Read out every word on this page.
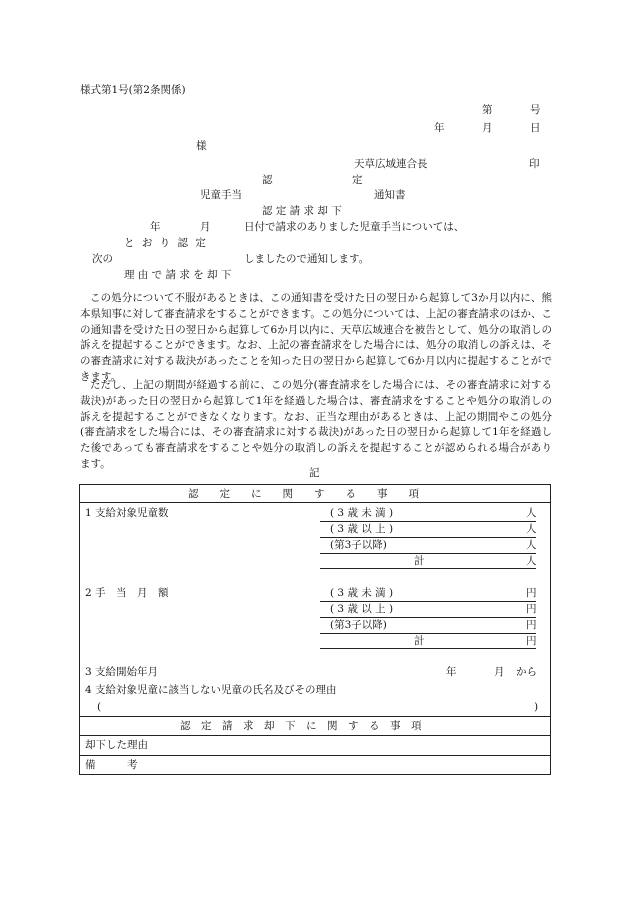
様式第1号(第2条関係)
第	号
年	月	日
様
天草広域連合長	印
認	定
児童手当	通知書
認 定 請 求 却 下
年	月	日付で請求のありました児童手当については、
と お り 認 定
次の	しましたので通知します。
理 由 で 請 求 を 却 下
この処分について不服があるときは、この通知書を受けた日の翌日から起算して3か月以内に、熊本県知事に対して審査請求をすることができます。この処分については、上記の審査請求のほか、この通知書を受けた日の翌日から起算して6か月以内に、天草広域連合を被告として、処分の取消しの訴えを提起することができます。なお、上記の審査請求をした場合には、処分の取消しの訴えは、その審査請求に対する裁決があったことを知った日の翌日から起算して6か月以内に提起することができます。
ただし、上記の期間が経過する前に、この処分(審査請求をした場合には、その審査請求に対する裁決)があった日の翌日から起算して1年を経過した場合は、審査請求をすることや処分の取消しの訴えを提起することができなくなります。なお、正当な理由があるときは、上記の期間やこの処分(審査請求をした場合には、その審査請求に対する裁決)があった日の翌日から起算して1年を経過した後であっても審査請求をすることや処分の取消しの訴えを提起することが認められる場合があります。
記
認　　定　　に　　関　　す　　る　　事　　項
1 支給対象児童数	( 3 歳 未 満 )	人
( 3 歳 以 上 )	人
(第3子以降)	人
計	人
2 手　当　月　額	( 3 歳 未 満 )	円
( 3 歳 以 上 )	円
(第3子以降)	円
計	円
3 支給開始年月	年	月 から
4 支給対象児童に該当しない児童の氏名及びその理由
(	)
認　定　請　求　却　下　に　関　す　る　事　項
却下した理由
備　　　考
